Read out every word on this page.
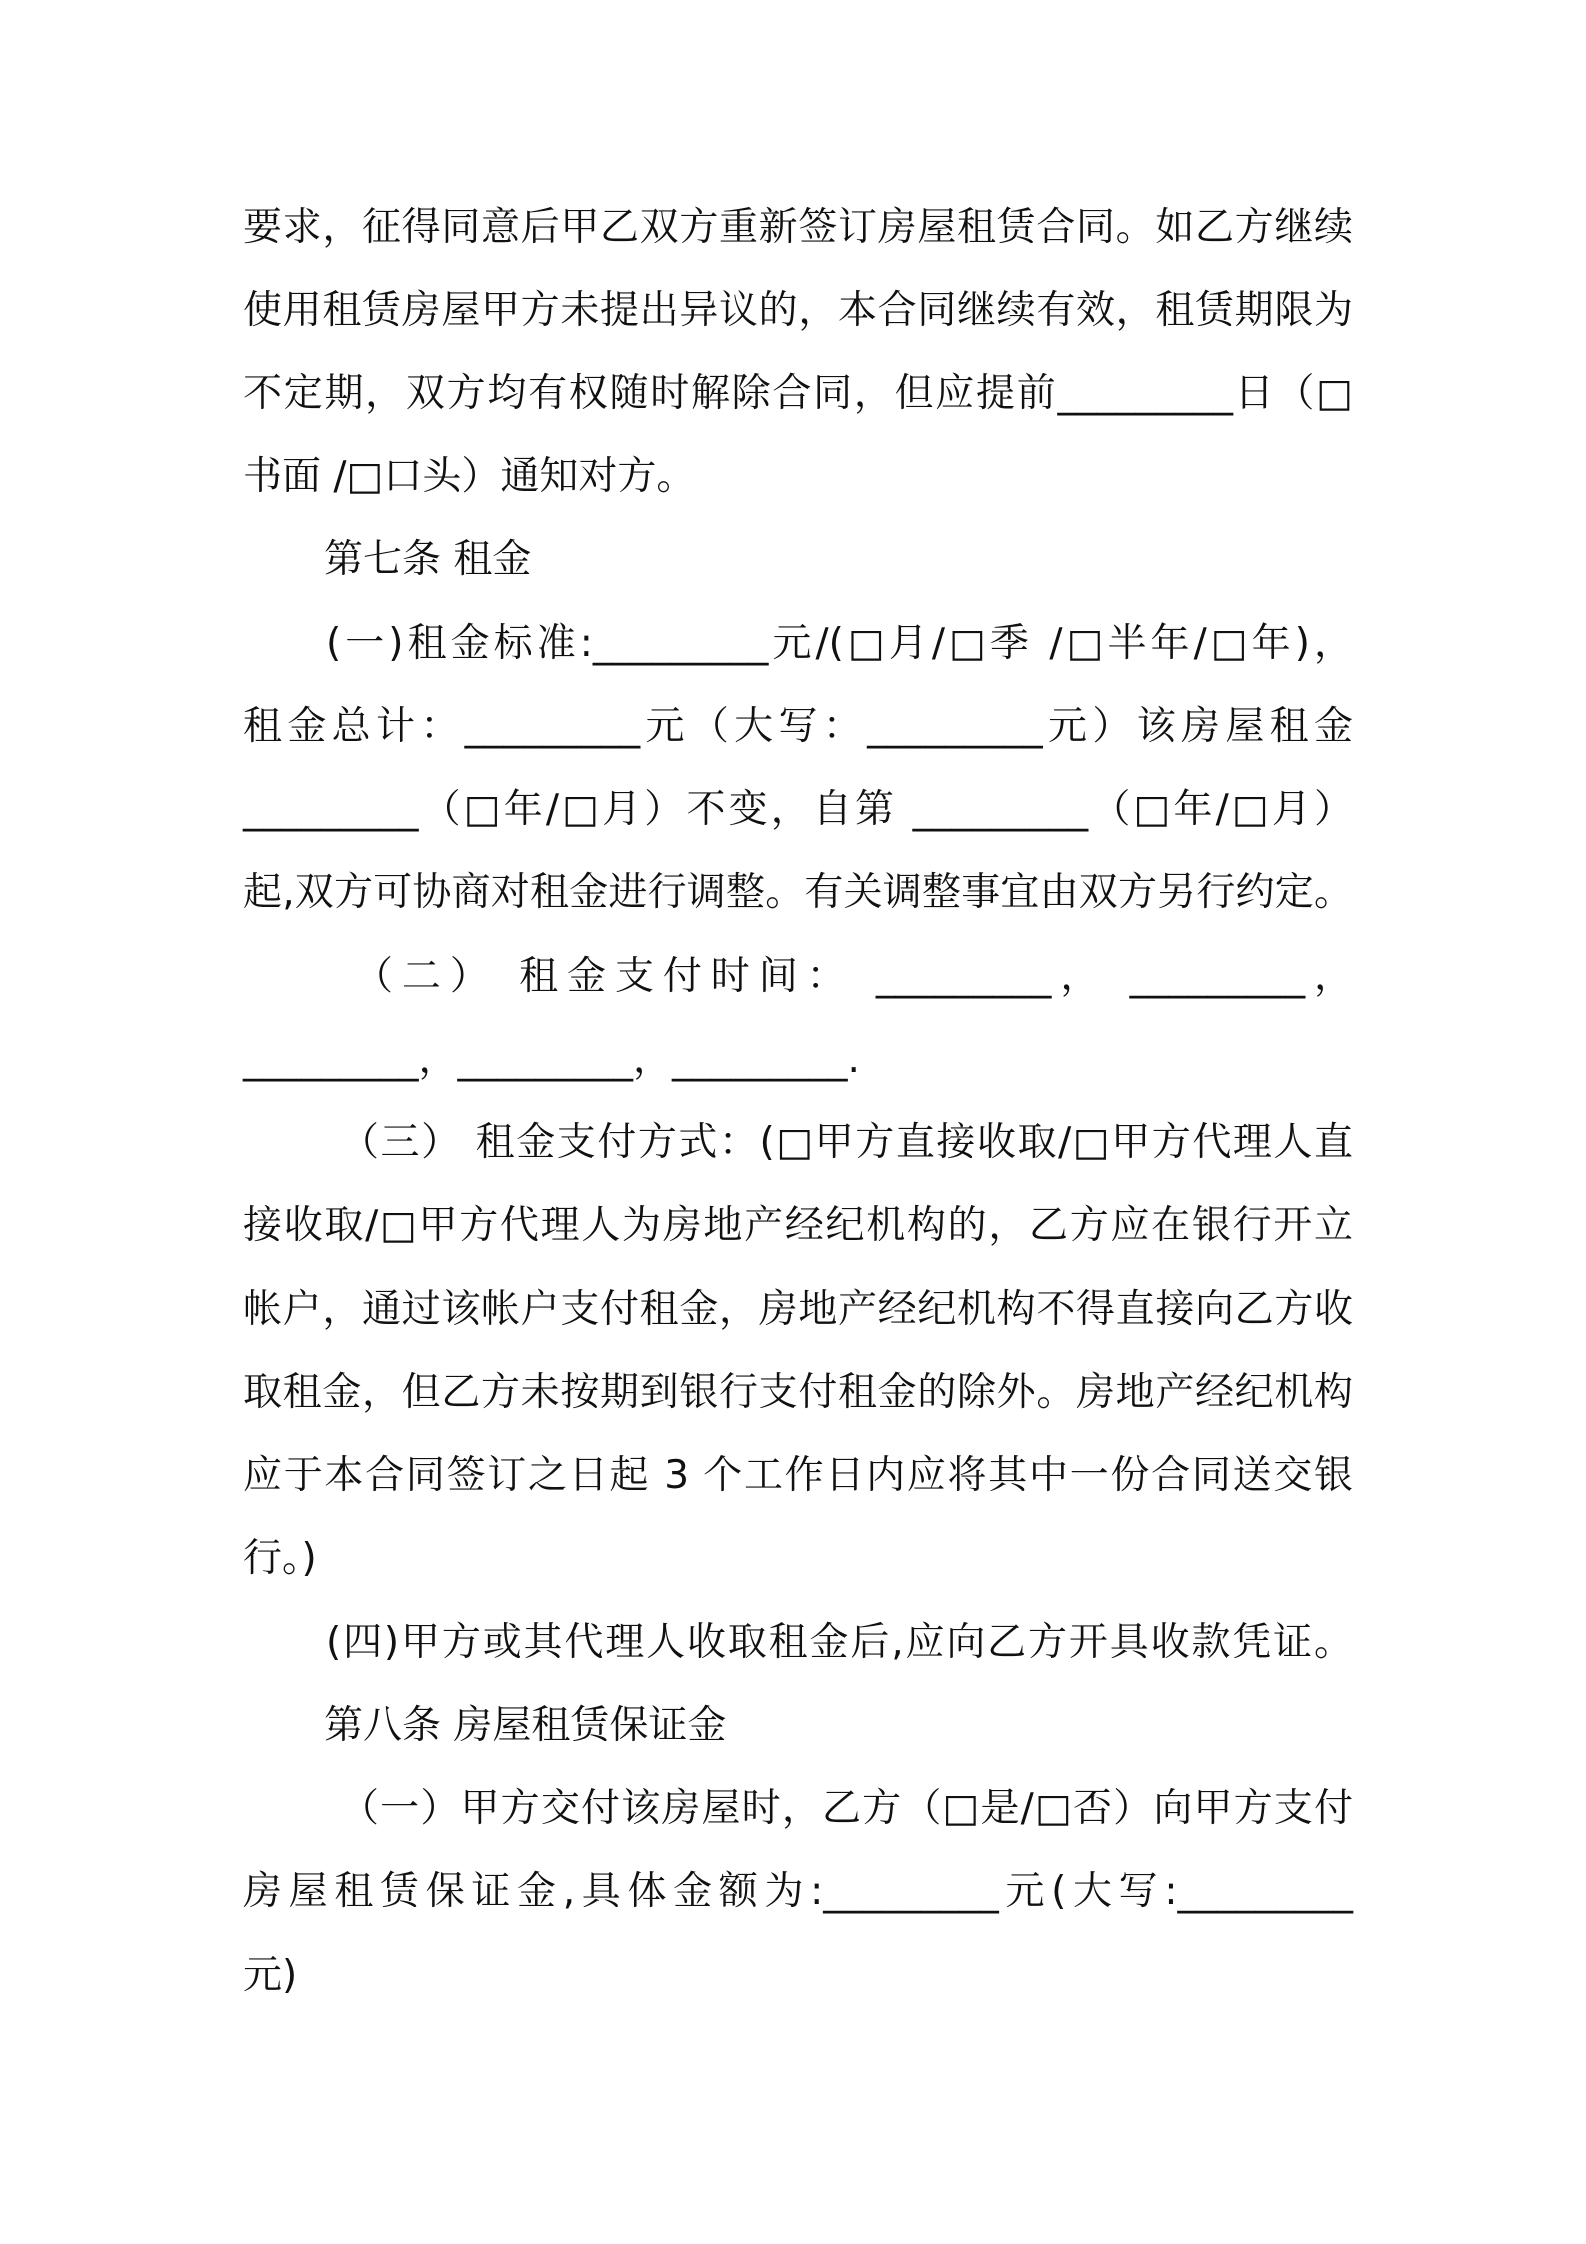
要求，征得同意后甲乙双方重新签订房屋租赁合同。如乙方继续
使用租赁房屋甲方未提出异议的，本合同继续有效，租赁期限为
不定期，双方均有权随时解除合同，但应提前_________日（□
书面 /□口头）通知对方。
第七条 租金
(一)租金标准:_________元/(□月/□季 /□半年/□年)，
租金总计：_________元（大写：_________元）该房屋租金
_________（□年/□月）不变，自第 _________（□年/□月）
起,双方可协商对租金进行调整。有关调整事宜由双方另行约定。
（二） 租金支付时间： _________， _________，
_________，_________，_________.
（三） 租金支付方式：(□甲方直接收取/□甲方代理人直
接收取/□甲方代理人为房地产经纪机构的，乙方应在银行开立
帐户，通过该帐户支付租金，房地产经纪机构不得直接向乙方收
取租金，但乙方未按期到银行支付租金的除外。房地产经纪机构
应于本合同签订之日起 3 个工作日内应将其中一份合同送交银
行。)
(四)甲方或其代理人收取租金后,应向乙方开具收款凭证。
第八条 房屋租赁保证金
（一）甲方交付该房屋时，乙方（□是/□否）向甲方支付
房屋租赁保证金,具体金额为:_________元(大写:_________
元)
